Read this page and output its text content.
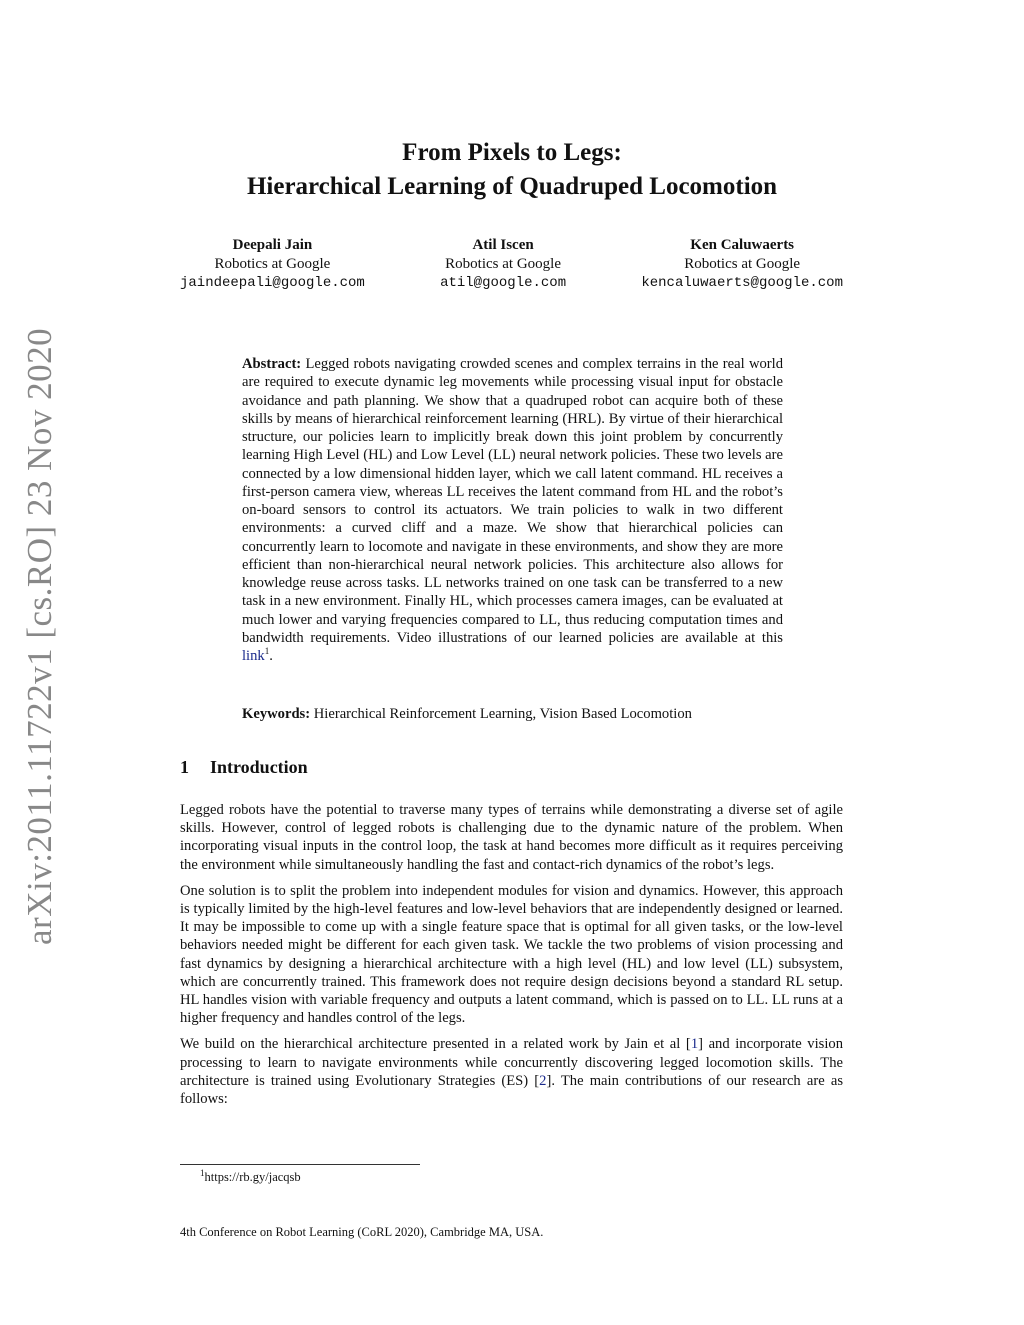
arXiv:2011.11722v1 [cs.RO] 23 Nov 2020
From Pixels to Legs:
Hierarchical Learning of Quadruped Locomotion
Deepali Jain
Robotics at Google
jaindeepali@google.com
Atil Iscen
Robotics at Google
atil@google.com
Ken Caluwaerts
Robotics at Google
kencaluwaerts@google.com
Abstract: Legged robots navigating crowded scenes and complex terrains in the real world are required to execute dynamic leg movements while processing visual input for obstacle avoidance and path planning. We show that a quadruped robot can acquire both of these skills by means of hierarchical reinforcement learning (HRL). By virtue of their hierarchical structure, our policies learn to implicitly break down this joint problem by concurrently learning High Level (HL) and Low Level (LL) neural network policies. These two levels are connected by a low dimensional hidden layer, which we call latent command. HL receives a first-person camera view, whereas LL receives the latent command from HL and the robot’s on-board sensors to control its actuators. We train policies to walk in two different environments: a curved cliff and a maze. We show that hierarchical policies can concurrently learn to locomote and navigate in these environments, and show they are more efficient than non-hierarchical neural network policies. This architecture also allows for knowledge reuse across tasks. LL networks trained on one task can be transferred to a new task in a new environment. Finally HL, which processes camera images, can be evaluated at much lower and varying frequencies compared to LL, thus reducing computation times and bandwidth requirements. Video illustrations of our learned policies are available at this link$^1$.
Keywords: Hierarchical Reinforcement Learning, Vision Based Locomotion
1 Introduction

Legged robots have the potential to traverse many types of terrains while demonstrating a diverse set of agile skills. However, control of legged robots is challenging due to the dynamic nature of the problem. When incorporating visual inputs in the control loop, the task at hand becomes more difficult as it requires perceiving the environment while simultaneously handling the fast and contact-rich dynamics of the robot’s legs.

One solution is to split the problem into independent modules for vision and dynamics. However, this approach is typically limited by the high-level features and low-level behaviors that are independently designed or learned. It may be impossible to come up with a single feature space that is optimal for all given tasks, or the low-level behaviors needed might be different for each given task. We tackle the two problems of vision processing and fast dynamics by designing a hierarchical architecture with a high level (HL) and low level (LL) subsystem, which are concurrently trained. This framework does not require design decisions beyond a standard RL setup. HL handles vision with variable frequency and outputs a latent command, which is passed on to LL. LL runs at a higher frequency and handles control of the legs.

We build on the hierarchical architecture presented in a related work by Jain et al [1] and incorporate vision processing to learn to navigate environments while concurrently discovering legged locomotion skills. The architecture is trained using Evolutionary Strategies (ES) [2]. The main contributions of our research are as follows:

$^1$https://rb.gy/jacqsb
4th Conference on Robot Learning (CoRL 2020), Cambridge MA, USA.
